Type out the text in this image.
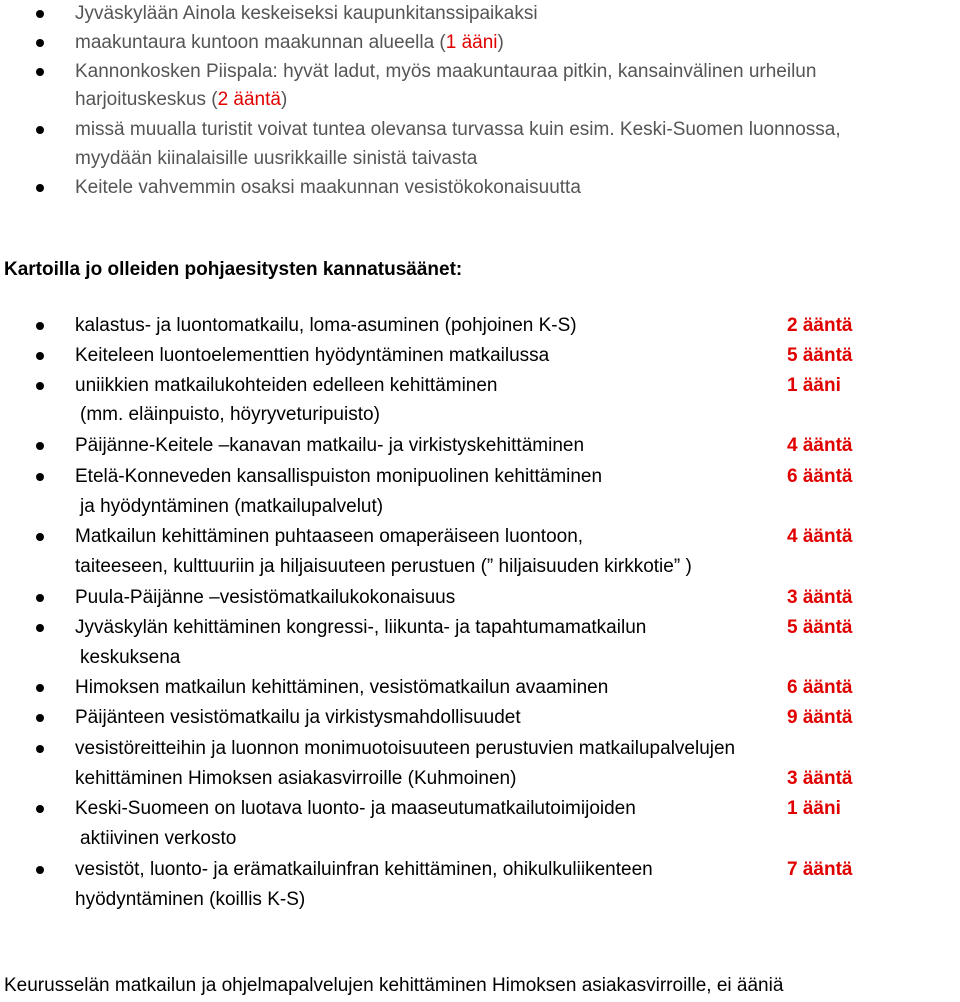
Jyväskylään Ainola keskeiseksi kaupunkitanssipaikaksi
maakuntaura kuntoon maakunnan alueella (1 ääni)
Kannonkosken Piispala: hyvät ladut, myös maakuntauraa pitkin, kansainvälinen urheilun
harjoituskeskus (2 ääntä)
missä muualla turistit voivat tuntea olevansa turvassa kuin esim. Keski-Suomen luonnossa,
myydään kiinalaisille uusrikkaille sinistä taivasta
Keitele vahvemmin osaksi maakunnan vesistökokonaisuutta
Kartoilla jo olleiden pohjaesitysten kannatusäänet:
kalastus- ja luontomatkailu, loma-asuminen (pohjoinen K-S)	2 ääntä
Keiteleen luontoelementtien hyödyntäminen matkailussa	5 ääntä
uniikkien matkailukohteiden edelleen kehittäminen	1 ääni
(mm. eläinpuisto, höyryveturipuisto)
Päijänne-Keitele –kanavan matkailu- ja virkistyskehittäminen	4 ääntä
Etelä-Konneveden kansallispuiston monipuolinen kehittäminen	6 ääntä
ja hyödyntäminen (matkailupalvelut)
Matkailun kehittäminen puhtaaseen omaperäiseen luontoon,	4 ääntä
taiteeseen, kulttuuriin ja hiljaisuuteen perustuen (” hiljaisuuden kirkkotie” )
Puula-Päijänne –vesistömatkailukokonaisuus	3 ääntä
Jyväskylän kehittäminen kongressi-, liikunta- ja tapahtumamatkailun	5 ääntä
keskuksena
Himoksen matkailun kehittäminen, vesistömatkailun avaaminen	6 ääntä
Päijänteen vesistömatkailu ja virkistysmahdollisuudet	9 ääntä
vesistöreitteihin ja luonnon monimuotoisuuteen perustuvien matkailupalvelujen
kehittäminen Himoksen asiakasvirroille (Kuhmoinen)	3 ääntä
Keski-Suomeen on luotava luonto- ja maaseutumatkailutoimijoiden	1 ääni
aktiivinen verkosto
vesistöt, luonto- ja erämatkailuinfran kehittäminen, ohikulkuliikenteen	7 ääntä
hyödyntäminen (koillis K-S)
Keurusselän matkailun ja ohjelmapalvelujen kehittäminen Himoksen asiakasvirroille, ei ääniä
